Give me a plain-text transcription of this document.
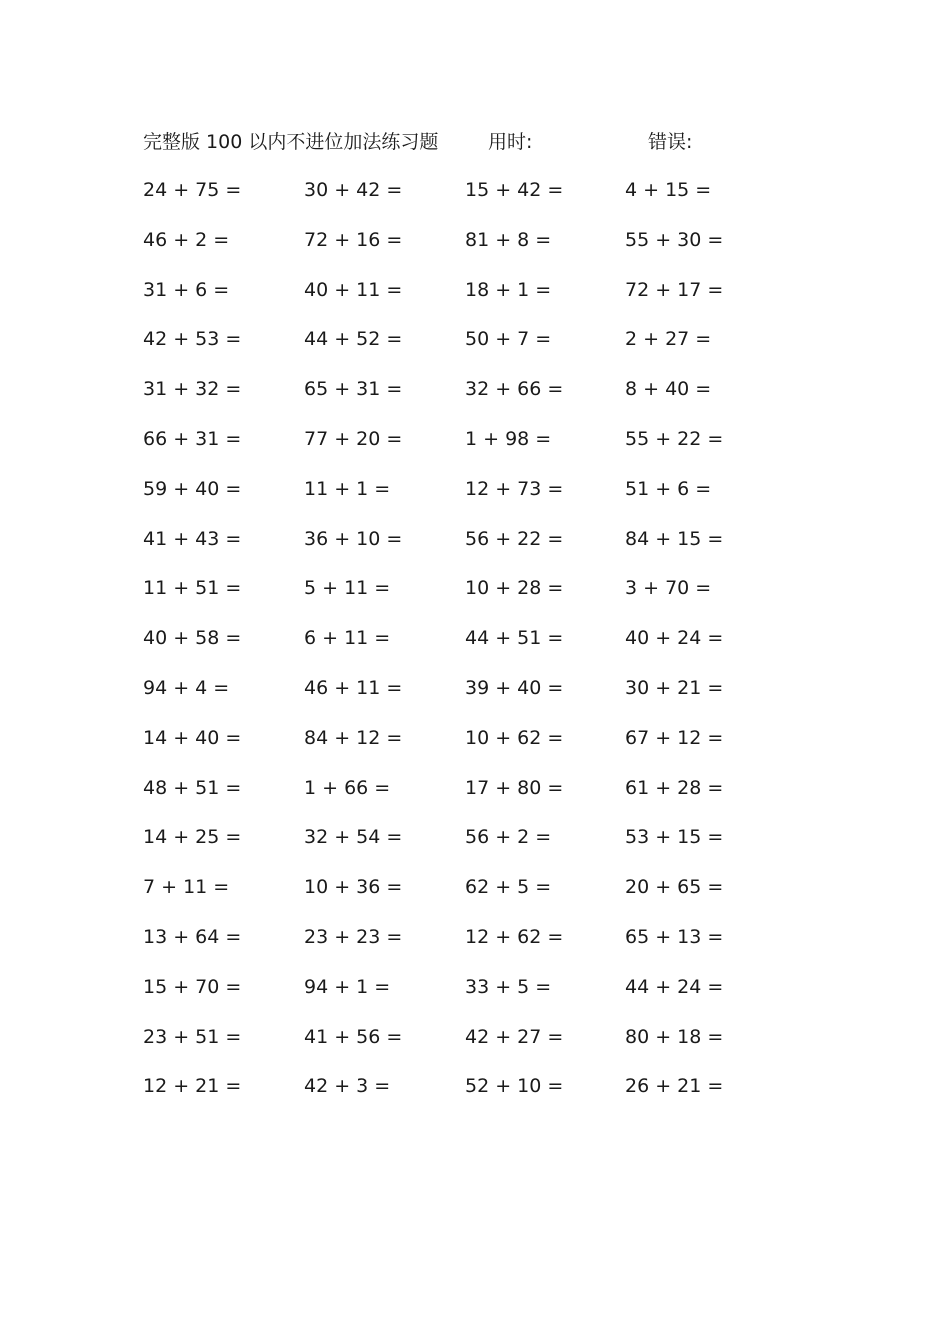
完整版 100 以内不进位加法练习题	用时:	错误:
24 + 75 =	30 + 42 =	15 + 42 =	4 + 15 =
46 + 2 =	72 + 16 =	81 + 8 =	55 + 30 =
31 + 6 =	40 + 11 =	18 + 1 =	72 + 17 =
42 + 53 =	44 + 52 =	50 + 7 =	2 + 27 =
31 + 32 =	65 + 31 =	32 + 66 =	8 + 40 =
66 + 31 =	77 + 20 =	1 + 98 =	55 + 22 =
59 + 40 =	11 + 1 =	12 + 73 =	51 + 6 =
41 + 43 =	36 + 10 =	56 + 22 =	84 + 15 =
11 + 51 =	5 + 11 =	10 + 28 =	3 + 70 =
40 + 58 =	6 + 11 =	44 + 51 =	40 + 24 =
94 + 4 =	46 + 11 =	39 + 40 =	30 + 21 =
14 + 40 =	84 + 12 =	10 + 62 =	67 + 12 =
48 + 51 =	1 + 66 =	17 + 80 =	61 + 28 =
14 + 25 =	32 + 54 =	56 + 2 =	53 + 15 =
7 + 11 =	10 + 36 =	62 + 5 =	20 + 65 =
13 + 64 =	23 + 23 =	12 + 62 =	65 + 13 =
15 + 70 =	94 + 1 =	33 + 5 =	44 + 24 =
23 + 51 =	41 + 56 =	42 + 27 =	80 + 18 =
12 + 21 =	42 + 3 =	52 + 10 =	26 + 21 =
